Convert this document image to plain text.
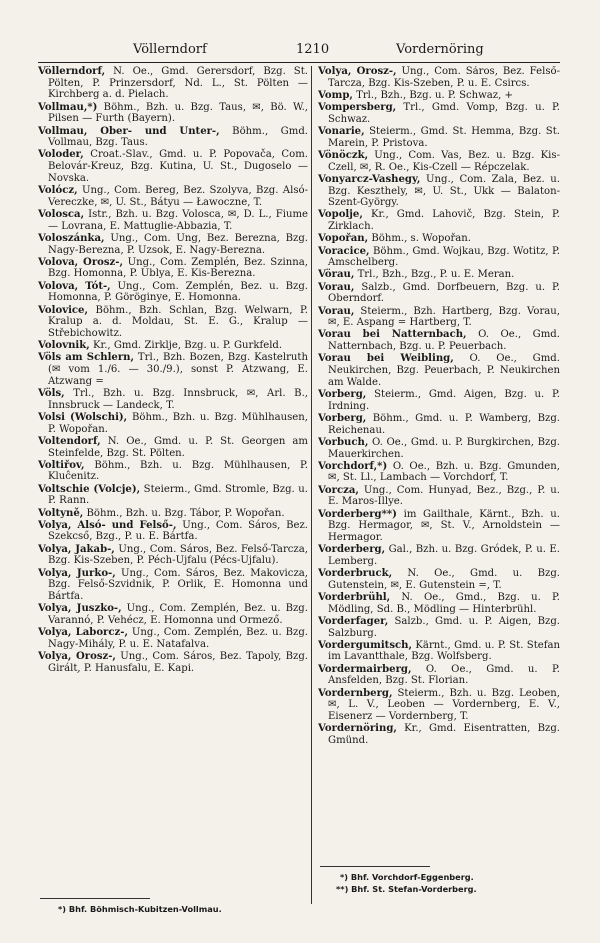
Völlerndorf	1210	Vordernöring
Völlerndorf, N. Oe., Gmd. Gerersdorf, Bzg. St. Pölten, P. Prinzersdorf, Nd. L., St. Pölten — Kirchberg a. d. Pielach.
Vollmau,*) Böhm., Bzh. u. Bzg. Taus, ✉, Bö. W., Pilsen — Furth (Bayern).
Vollmau, Ober- und Unter-, Böhm., Gmd. Vollmau, Bzg. Taus.
Voloder, Croat.-Slav., Gmd. u. P. Popovača, Com. Belovár-Kreuz, Bzg. Kutina, U. St., Dugoselo — Novska.
Volócz, Ung., Com. Bereg, Bez. Szolyva, Bzg. Alsó-Vereczke, ✉, U. St., Bátyu — Ławoczne, T.
Volosca, Istr., Bzh. u. Bzg. Volosca, ✉, D. L., Fiume — Lovrana, E. Mattuglie-Abbazia, T.
Voloszánka, Ung., Com. Ung, Bez. Berezna, Bzg. Nagy-Berezna, P. Uzsok, E. Nagy-Berezna.
Volova, Orosz-, Ung., Com. Zemplén, Bez. Szinna, Bzg. Homonna, P. Ublya, E. Kis-Berezna.
Volova, Tót-, Ung., Com. Zemplén, Bez. u. Bzg. Homonna, P. Göröginye, E. Homonna.
Volovice, Böhm., Bzh. Schlan, Bzg. Welwarn, P. Kralup a. d. Moldau, St. E. G., Kralup — Střebichowitz.
Volovnik, Kr., Gmd. Zirklje, Bzg. u. P. Gurkfeld.
Völs am Schlern, Trl., Bzh. Bozen, Bzg. Kastelruth (✉ vom 1./6. — 30./9.), sonst P. Atzwang, E. Atzwang =
Völs, Trl., Bzh. u. Bzg. Innsbruck, ✉, Arl. B., Innsbruck — Landeck, T.
Volsi (Wolschi), Böhm., Bzh. u. Bzg. Mühlhausen, P. Wopořan.
Voltendorf, N. Oe., Gmd. u. P. St. Georgen am Steinfelde, Bzg. St. Pölten.
Voltiřov, Böhm., Bzh. u. Bzg. Mühlhausen, P. Kluĉenitz.
Voltschie (Volcje), Steierm., Gmd. Stromle, Bzg. u. P. Rann.
Voltyně, Böhm., Bzh. u. Bzg. Tábor, P. Wopořan.
Volya, Alsó- und Felső-, Ung., Com. Sáros, Bez. Szekcső, Bzg., P. u. E. Bártfa.
Volya, Jakab-, Ung., Com. Sáros, Bez. Felső-Tarcza, Bzg. Kis-Szeben, P. Péch-Ujfalu (Pécs-Ujfalu).
Volya, Jurko-, Ung., Com. Sáros, Bez. Makovicza, Bzg. Felső-Szvidnik, P. Orlik, E. Homonna und Bártfa.
Volya, Juszko-, Ung., Com. Zemplén, Bez. u. Bzg. Varannó, P. Vehécz, E. Homonna und Ormező.
Volya, Laborcz-, Ung., Com. Zemplén, Bez. u. Bzg. Nagy-Mihály, P. u. E. Natafalva.
Volya, Orosz-, Ung., Com. Sáros, Bez. Tapoly, Bzg. Giráltׅ, P. Hanusfalu, E. Kapi.
Volya, Orosz-, Ung., Com. Sáros, Bez. Felső-Tarcza, Bzg. Kis-Szeben, P. u. E. Csircs.
Vomp, Trl., Bzh., Bzg. u. P. Schwaz, +
Vompersberg, Trl., Gmd. Vomp, Bzg. u. P. Schwaz.
Vonarie, Steierm., Gmd. St. Hemma, Bzg. St. Marein, P. Pristova.
Vönöczk, Ung., Com. Vas, Bez. u. Bzg. Kis-Czell, ✉, R. Oe., Kis-Czell — Répczelak.
Vonyarcz-Vashegy, Ung., Com. Zala, Bez. u. Bzg. Keszthely, ✉, U. St., Ukk — Balaton-Szent-György.
Vopolje, Kr., Gmd. Lahovič, Bzg. Stein, P. Zirklach.
Vopořan, Böhm., s. Wopořan.
Voracice, Böhm., Gmd. Wojkau, Bzg. Wotitz, P. Amschelberg.
Vörau, Trl., Bzh., Bzg., P. u. E. Meran.
Vorau, Salzb., Gmd. Dorfbeuern, Bzg. u. P. Oberndorf.
Vorau, Steierm., Bzh. Hartberg, Bzg. Vorau, ✉, E. Aspang = Hartberg, T.
Vorau bei Natternbach, O. Oe., Gmd. Natternbach, Bzg. u. P. Peuerbach.
Vorau bei Weibling, O. Oe., Gmd. Neukirchen, Bzg. Peuerbach, P. Neukirchen am Walde.
Vorberg, Steierm., Gmd. Aigen, Bzg. u. P. Irdning.
Vorberg, Böhm., Gmd. u. P. Wamberg, Bzg. Reichenau.
Vorbuch, O. Oe., Gmd. u. P. Burgkirchen, Bzg. Mauerkirchen.
Vorchdorf,*) O. Oe., Bzh. u. Bzg. Gmunden, ✉, St. Ll., Lambach — Vorchdorf, T.
Vorcza, Ung., Com. Hunyad, Bez., Bzg., P. u. E. Maros-Illye.
Vorderberg**) im Gailthale, Kärnt., Bzh. u. Bzg. Hermagor, ✉, St. V., Arnoldstein — Hermagor.
Vorderberg, Gal., Bzh. u. Bzg. Gródek, P. u. E. Lemberg.
Vorderbruck, N. Oe., Gmd. u. Bzg. Gutenstein, ✉, E. Gutenstein =, T.
Vorderbrühl, N. Oe., Gmd., Bzg. u. P. Mödling, Sd. B., Mödling — Hinterbrühl.
Vorderfager, Salzb., Gmd. u. P. Aigen, Bzg. Salzburg.
Vordergumitsch, Kärnt., Gmd. u. P. St. Stefan im Lavantthale, Bzg. Wolfsberg.
Vordermairberg, O. Oe., Gmd. u. P. Ansfelden, Bzg. St. Florian.
Vordernberg, Steierm., Bzh. u. Bzg. Leoben, ✉, L. V., Leoben — Vordernberg, E. V., Eisenerz — Vordernberg, T.
Vordernöring, Kr., Gmd. Eisentratten, Bzg. Gmünd.
*) Bhf. Böhmisch-Kubitzen-Vollmau.
*) Bhf. Vorchdorf-Eggenberg.
**) Bhf. St. Stefan-Vorderberg.
